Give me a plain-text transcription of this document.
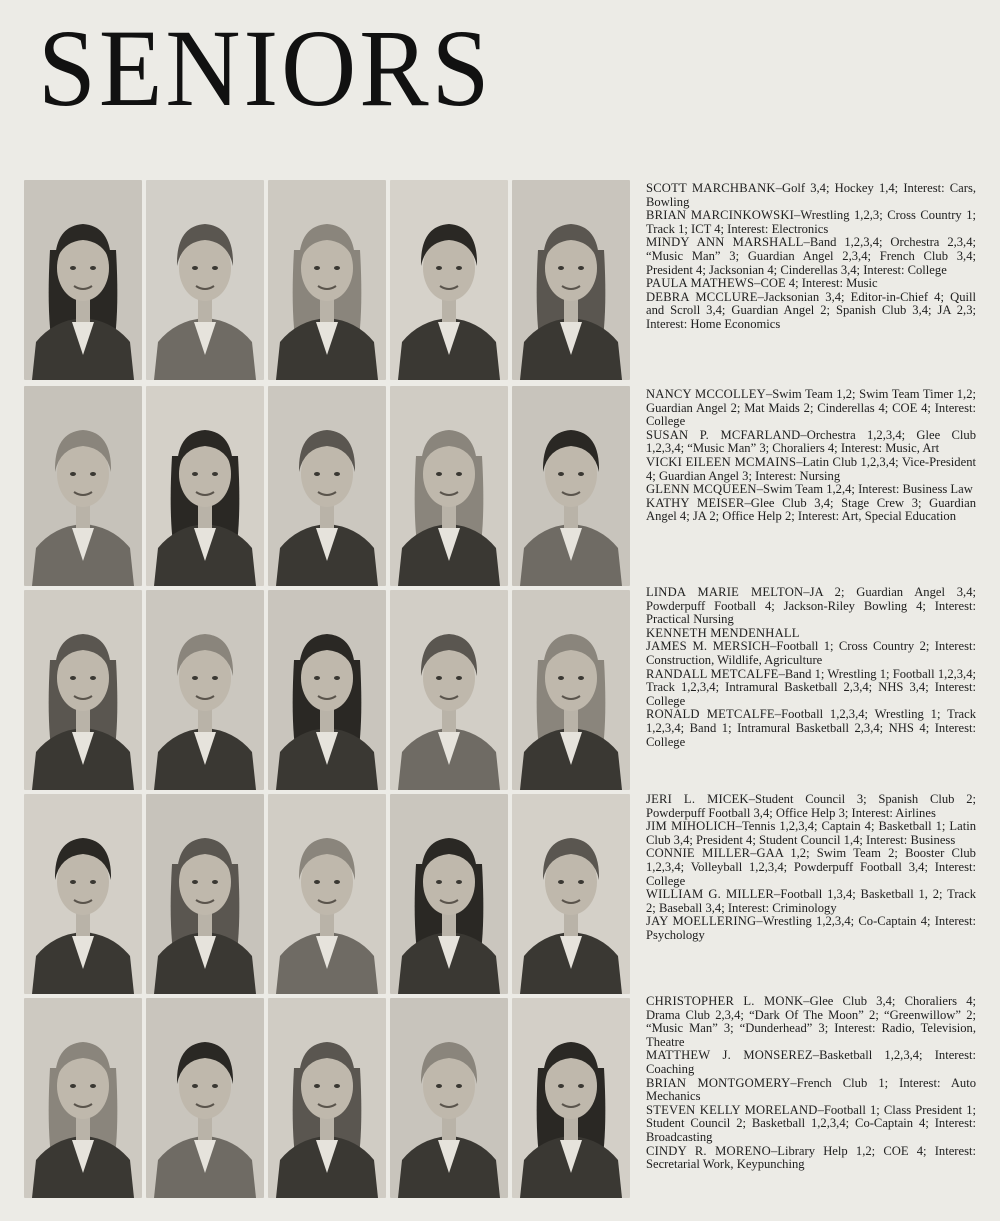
SENIORS

SCOTT MARCHBANK–Golf 3,4; Hockey 1,4; Interest: Cars, Bowling

BRIAN MARCINKOWSKI–Wrestling 1,2,3; Cross Country 1; Track 1; ICT 4; Interest: Electronics

MINDY ANN MARSHALL–Band 1,2,3,4; Orchestra 2,3,4; “Music Man” 3; Guardian Angel 2,3,4; French Club 3,4; President 4; Jacksonian 4; Cinderellas 3,4; Interest: College

PAULA MATHEWS–COE 4; Interest: Music

DEBRA MCCLURE–Jacksonian 3,4; Editor-in-Chief 4; Quill and Scroll 3,4; Guardian Angel 2; Spanish Club 3,4; JA 2,3; Interest: Home Economics

NANCY MCCOLLEY–Swim Team 1,2; Swim Team Timer 1,2; Guardian Angel 2; Mat Maids 2; Cinderellas 4; COE 4; Interest: College

SUSAN P. MCFARLAND–Orchestra 1,2,3,4; Glee Club 1,2,3,4; “Music Man” 3; Choraliers 4; Interest: Music, Art

VICKI EILEEN MCMAINS–Latin Club 1,2,3,4; Vice-President 4; Guardian Angel 3; Interest: Nursing

GLENN MCQUEEN–Swim Team 1,2,4; Interest: Business Law

KATHY MEISER–Glee Club 3,4; Stage Crew 3; Guardian Angel 4; JA 2; Office Help 2; Interest: Art, Special Education

LINDA MARIE MELTON–JA 2; Guardian Angel 3,4; Powderpuff Football 4; Jackson-Riley Bowling 4; Interest: Practical Nursing

KENNETH MENDENHALL

JAMES M. MERSICH–Football 1; Cross Country 2; Interest: Construction, Wildlife, Agriculture

RANDALL METCALFE–Band 1; Wrestling 1; Football 1,2,3,4; Track 1,2,3,4; Intramural Basketball 2,3,4; NHS 3,4; Interest: College

RONALD METCALFE–Football 1,2,3,4; Wrestling 1; Track 1,2,3,4; Band 1; Intramural Basketball 2,3,4; NHS 4; Interest: College

JERI L. MICEK–Student Council 3; Spanish Club 2; Powderpuff Football 3,4; Office Help 3; Interest: Airlines

JIM MIHOLICH–Tennis 1,2,3,4; Captain 4; Basketball 1; Latin Club 3,4; President 4; Student Council 1,4; Interest: Business

CONNIE MILLER–GAA 1,2; Swim Team 2; Booster Club 1,2,3,4; Volleyball 1,2,3,4; Powderpuff Football 3,4; Interest: College

WILLIAM G. MILLER–Football 1,3,4; Basketball 1, 2; Track 2; Baseball 3,4; Interest: Criminology

JAY MOELLERING–Wrestling 1,2,3,4; Co-Captain 4; Interest: Psychology

CHRISTOPHER L. MONK–Glee Club 3,4; Choraliers 4; Drama Club 2,3,4; “Dark Of The Moon” 2; “Greenwillow” 2; “Music Man” 3; “Dunderhead” 3; Interest: Radio, Television, Theatre

MATTHEW J. MONSEREZ–Basketball 1,2,3,4; Interest: Coaching

BRIAN MONTGOMERY–French Club 1; Interest: Auto Mechanics

STEVEN KELLY MORELAND–Football 1; Class President 1; Student Council 2; Basketball 1,2,3,4; Co-Captain 4; Interest: Broadcasting

CINDY R. MORENO–Library Help 1,2; COE 4; Interest: Secretarial Work, Keypunching
